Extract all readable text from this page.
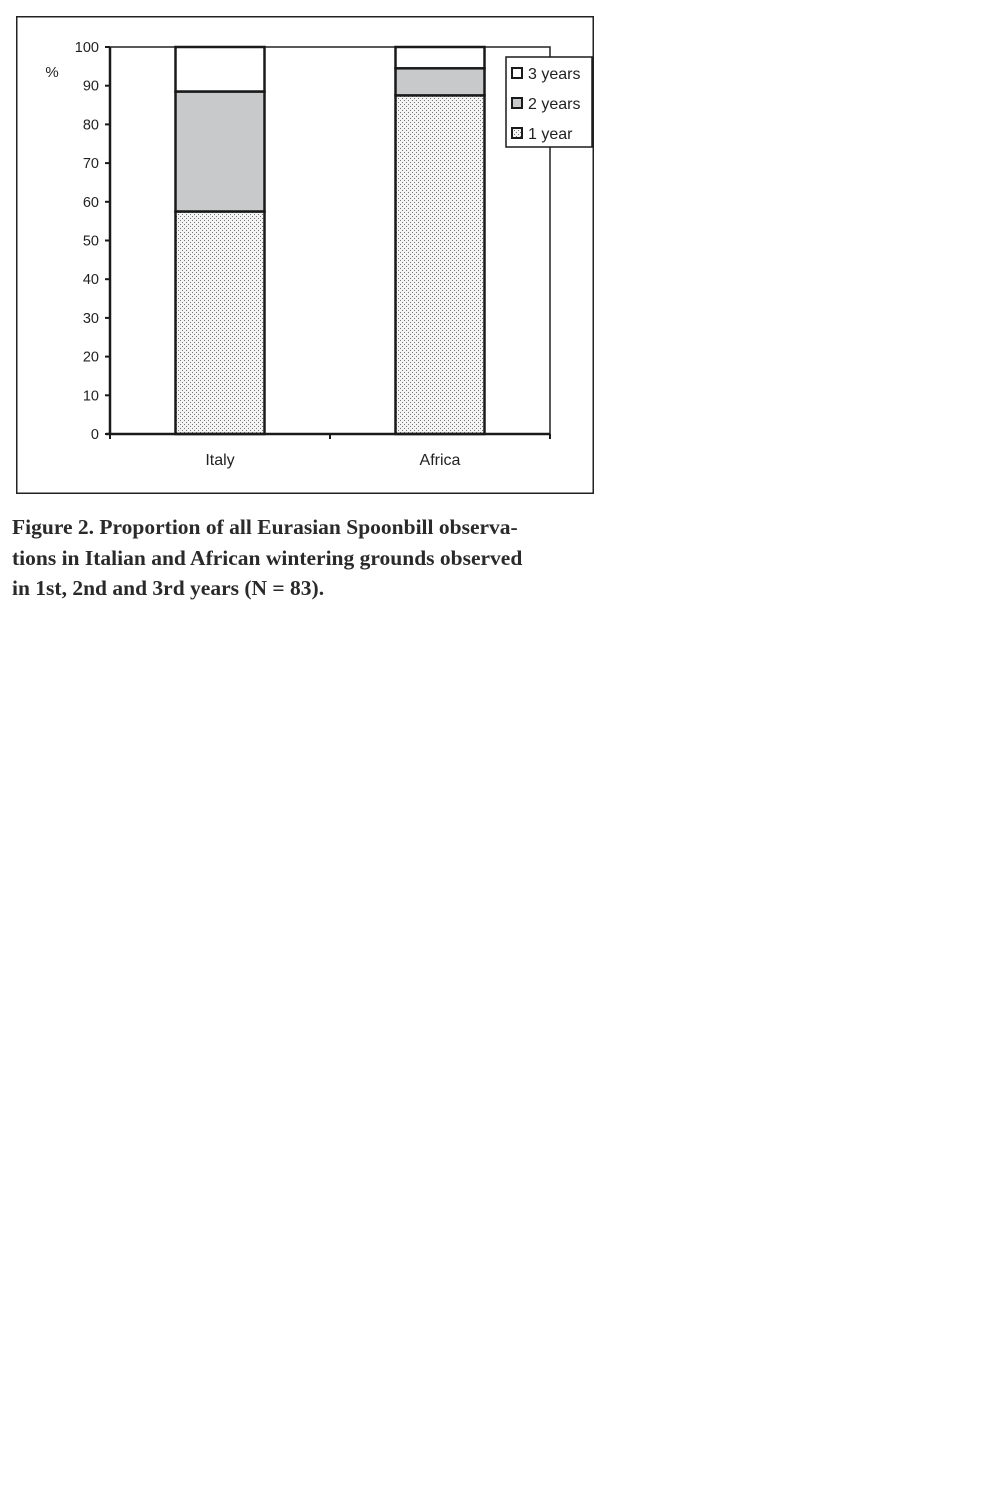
Italy	Africa
0
10
20
30
40
50
60
70
80
90
100
%	3 years
2 years
1 year

Figure 2. Proportion of all Eurasian Spoonbill observa-
tions in Italian and African wintering grounds observed
in 1st, 2nd and 3rd years (N = 83).
